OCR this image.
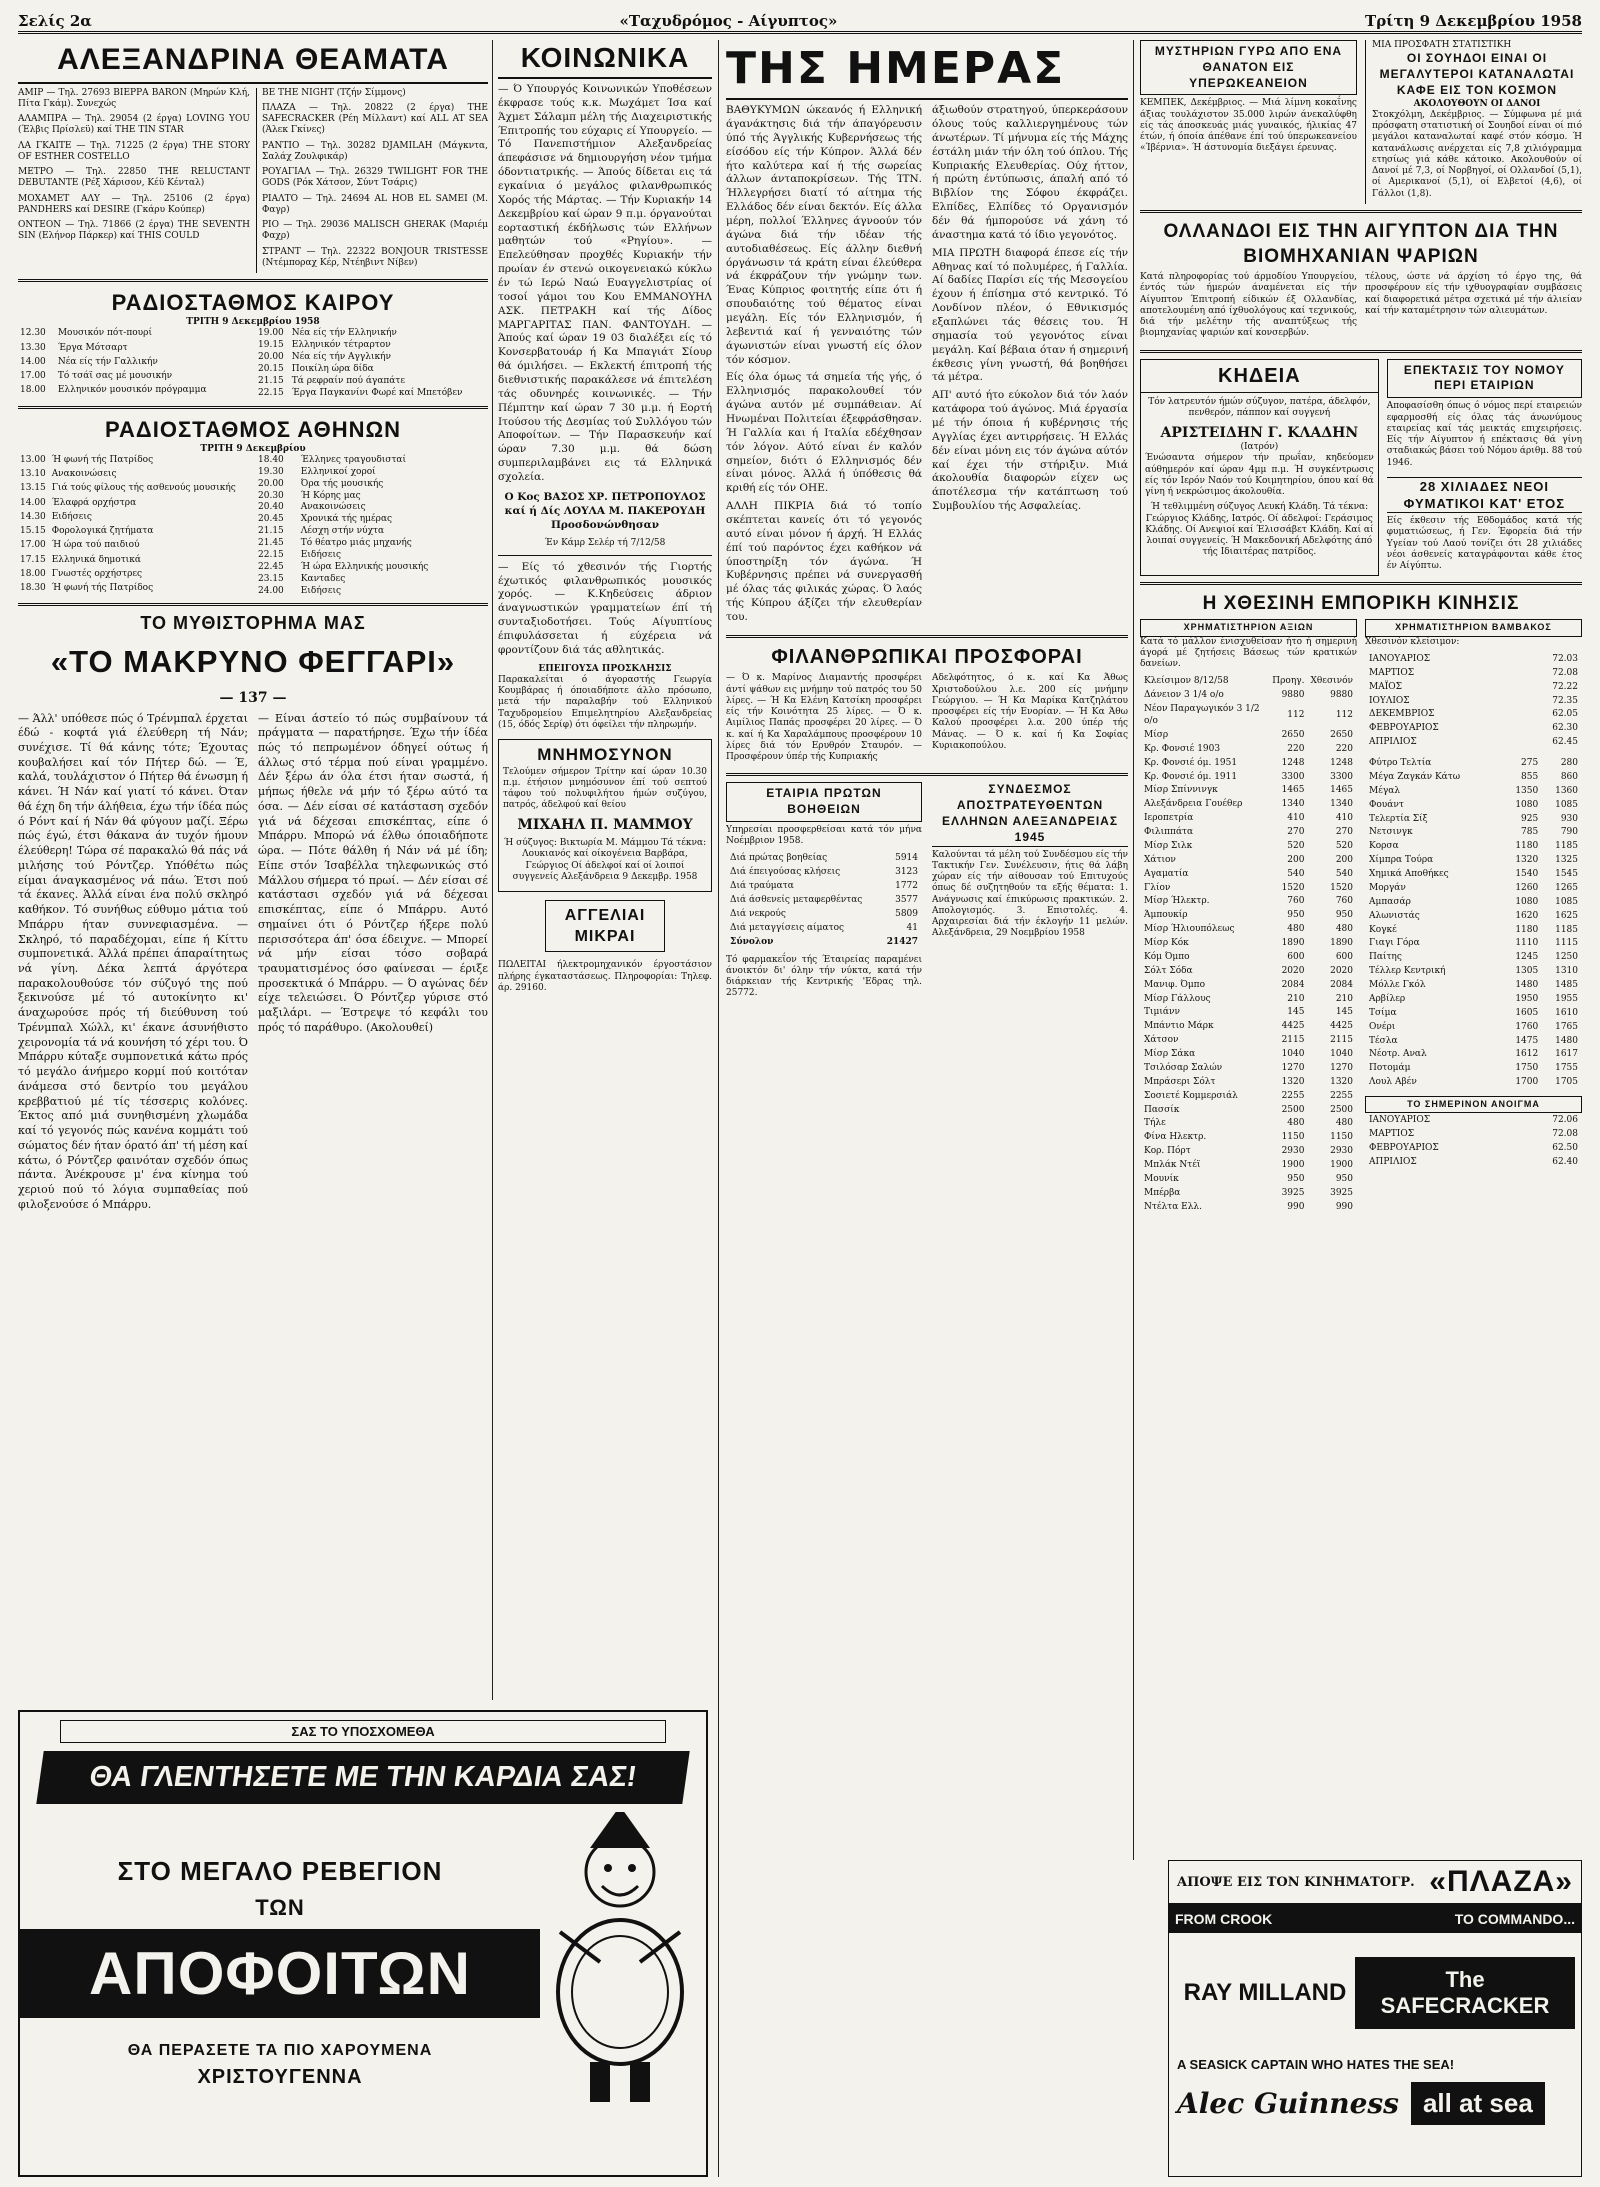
Σελίς 2α	«Ταχυδρόμος - Αίγυπτος»	Τρίτη 9 Δεκεμβρίου 1958
ΑΛΕΞΑΝΔΡΙΝΑ ΘΕΑΜΑΤΑ

ΑΜΙΡ — Τηλ. 27693 ΒΙΕΡΡΑ BARON (Μηρών Κλή, Πίτα Γκάμ). Συνεχώς

ΑΛΑΜΠΡΑ — Τηλ. 29054 (2 έργα) LOVING YOU (Έλβις Πρίσλεϋ) καί THE TIN STAR

ΛΑ ΓΚΑΙΤΕ — Τηλ. 71225 (2 έργα) THE STORY OF ESTHER COSTELLO

ΜΕΤΡΟ — Τηλ. 22850 THE RELUCTANT DEBUTANTE (Ρέξ Χάρισον, Κέϋ Κένταλ)

ΜΟΧΑΜΕΤ ΑΛΥ — Τηλ. 25106 (2 έργα) PANDHERS καί DESIRE (Γκάρυ Κούπερ)

ΟΝΤΕΟΝ — Τηλ. 71866 (2 έργα) THE SEVENTH SIN (Ελήνορ Πάρκερ) καί THIS COULD

BE THE NIGHT (Τζήν Σίμμονς)

ΠΛΑΖΑ — Τηλ. 20822 (2 έργα) THE SAFECRACKER (Ρέη Μίλλαντ) καί ALL AT SEA (Άλεκ Γκίνες)

ΡΑΝΤΙΟ — Τηλ. 30282 DJAMILAH (Μάγκντα, Σαλάχ Ζουλφικάρ)

ΡΟΥΑΓΙΑΛ — Τηλ. 26329 TWILIGHT FOR THE GODS (Ρόκ Χάτσον, Σύντ Τσάρις)

ΡΙΑΛΤΟ — Τηλ. 24694 AL HOB EL SAMEI (Μ. Φαγρ)

ΡΙΟ — Τηλ. 29036 MALISCH GHERAK (Μαριέμ Φαχρ)

ΣΤΡΑΝΤ — Τηλ. 22322 BONJOUR TRISTESSE (Ντέμποραχ Κέρ, Ντέηβιντ Νίβεν)

ΡΑΔΙΟΣΤΑΘΜΟΣ ΚΑΙΡΟΥ
ΤΡΙΤΗ 9 Δεκεμβρίου 1958
12.30	Μουσικόν πότ-πουρί
13.30	Έργα Μότσαρτ
14.00	Νέα είς τήν Γαλλικήν
17.00	Τό τσάϊ σας μέ μουσικήν
18.00	Ελληνικόν μουσικόν πρόγραμμα
19.00	Νέα είς τήν Ελληνικήν
19.15	Ελληνικόν τέτραρτον
20.00	Νέα είς τήν Αγγλικήν
20.15	Ποικίλη ώρα δίδα
21.15	Τά ρεφραίν πού άγαπάτε
22.15	Έργα Παγκανίνι Φωρέ καί Μπετόβεν
ΡΑΔΙΟΣΤΑΘΜΟΣ ΑΘΗΝΩΝ
ΤΡΙΤΗ 9 Δεκεμβρίου
13.00	Ή φωνή τής Πατρίδος
13.10	Ανακοινώσεις
13.15	Γιά τούς φίλους τής ασθενούς μουσικής
14.00	Έλαφρά ορχήστρα
14.30	Ειδήσεις
15.15	Φορολογικά ζητήματα
17.00	Ή ώρα τού παιδιού
17.15	Ελληνικά δημοτικά
18.00	Γνωστές ορχήστρες
18.30	Ή φωνή τής Πατρίδος
18.40	Έλληνες τραγουδισταί
19.30	Ελληνικοί χοροί
20.00	Όρα τής μουσικής
20.30	Ή Κόρης μας
20.40	Ανακοινώσεις
20.45	Χρονικά τής ημέρας
21.15	Λέσχη στήν νύχτα
21.45	Τό θέατρο μιάς μηχανής
22.15	Ειδήσεις
22.45	Ή ώρα Ελληνικής μουσικής
23.15	Κανταδες
24.00	Ειδήσεις
ΤΟ ΜΥΘΙΣΤΟΡΗΜΑ ΜΑΣ
«ΤΟ ΜΑΚΡΥΝΟ ΦΕΓΓΑΡΙ»
— 137 —

— Άλλ' υπόθεσε πώς ό Τρένμπαλ έρχεται έδώ - κοφτά γιά έλεύθερη τή Νάν; συνέχισε. Τί θά κάνης τότε; Έχουτας κουβαλήσει καί τόν Πήτερ δώ. — Έ, καλά, τουλάχιστον ό Πήτερ θά ένωσμη ή κάνει. Ή Νάν καί γιατί τό κάνει. Όταν θά έχη δη τήν άλήθεια, έχω τήν ίδέα πώς ό Ρόντ καί ή Νάν θά φύγουν μαζί. Ξέρω πώς έγώ, έτσι θάκανα άν τυχόν ήμουν έλεύθερη! Τώρα σέ παρακαλώ θά πάς νά μιλήσης τού Ρόντζερ. Υπόθέτω πώς είμαι άναγκασμένος νά πάω. Έτσι πού τά έκανες. Άλλά είναι ένα πολύ σκληρό καθήκον. Τό συνήθως εύθυμο μάτια τού Μπάρρυ ήταν συννεφιασμένα. — Σκληρό, τό παραδέχομαι, είπε ή Κίττυ συμπονετικά. Άλλά πρέπει άπαραίτητως νά γίνη. Δέκα λεπτά άργότερα παρακολουθούσε τόν σύζυγό της πού ξεκινούσε μέ τό αυτοκίνητο κι' άναχωρούσε πρός τή διεύθυνση τού Τρένμπαλ Χώλλ, κι' έκανε άσυνήθιστο χειρονομία τά νά κουνήση τό χέρι του. Ό Μπάρρυ κύταξε συμπονετικά κάτω πρός τό μεγάλο άνήμερο κορμί πού κοιτόταν άνάμεσα στό δεντρίο του μεγάλου κρεββατιού μέ τίς τέσσερις κολόνες. Έκτος από μιά συνηθισμένη χλωμάδα καί τό γεγονός πώς κανένα κομμάτι τού σώματος δέν ήταν όρατό άπ' τή μέση καί κάτω, ό Ρόντζερ φαινόταν σχεδόν όπως πάντα. Άνέκρουσε μ' ένα κίνημα τού χεριού πού τό λόγια συμπαθείας πού φιλοξενούσε ό Μπάρρυ.

— Είναι άστείο τό πώς συμβαίνουν τά πράγματα — παρατήρησε. Έχω τήν ίδέα πώς τό πεπρωμένον όδηγεί ούτως ή άλλως στό τέρμα πού είναι γραμμένο. Δέν ξέρω άν όλα έτσι ήταν σωστά, ή μήπως ήθελε νά μήν τό ξέρω αύτό τα όσα. — Δέν είσαι σέ κατάσταση σχεδόν γιά νά δέχεσαι επισκέπτας, είπε ό Μπάρρυ. Μπορώ νά έλθω όποιαδήποτε ώρα. — Πότε θάλθη ή Νάν νά μέ ίδη; Είπε στόν Ίσαβέλλα τηλεφωνικώς στό Μάλλου σήμερα τό πρωί. — Δέν είσαι σέ κατάστασι σχεδόν γιά νά δέχεσαι επισκέπτας, είπε ό Μπάρρυ. Αυτό σημαίνει ότι ό Ρόντζερ ήξερε πολύ περισσότερα άπ' όσα έδειχνε. — Μπορεί νά μήν είσαι τόσο σοβαρά τραυματισμένος όσο φαίνεσαι — έριξε προσεκτικά ό Μπάρρυ. — Ό αγώνας δέν είχε τελειώσει. Ό Ρόντζερ γύρισε στό μαξιλάρι. — Έστρεψε τό κεφάλι του πρός τό παράθυρο. (Ακολουθεί)

ΚΟΙΝΩΝΙΚΑ

— Ό Υπουργός Κοινωνικών Υποθέσεων έκφρασε τούς κ.κ. Μωχάμετ Ίσα καί Άχμετ Σάλαμπ μέλη τής Διαχειριστικής Έπιτροπής του εύχαρις εί Υπουργείο. — Τό Πανεπιστήμιον Αλεξανδρείας άπεφάσισε νά δημιουργήση νέον τμήμα όδοντιατρικής. — Άπούς δίδεται εις τά εγκαίνια ό μεγάλος φιλανθρωπικός Χορός τής Μάρτας. — Τήν Κυριακήν 14 Δεκεμβρίου καί ώραν 9 π.μ. όργανούται εορταστική έκδήλωσις τών Ελλήνων μαθητών τού «Ρηγίου». — Επελεύθησαν προχθές Κυριακήν τήν πρωίαν έν στενώ οικογενειακώ κύκλω έν τώ Ιερώ Ναώ Ευαγγελιστρίας οί τοσοί γάμοι του Κου ΕΜΜΑΝΟΥΗΛ ΑΣΚ. ΠΕΤΡΑΚΗ καί τής Δίδος ΜΑΡΓΑΡΙΤΑΣ ΠΑΝ. ΦΑΝΤΟΥΔΗ. — Άπούς καί ώραν 19 03 διαλέξει είς τό Κονσερβατουάρ ή Κα Μπαγιάτ Σίουρ θά όμιλήσει. — Εκλεκτή έπιτροπή τής διεθνιστικής παρακάλεσε νά έπιτελέση τάς οδυνηρές κοινωνικές. — Τήν Πέμπτην καί ώραν 7 30 μ.μ. ή Εορτή Ιτούσου τής Δεσμίας τού Συλλόγου τών Αποφοίτων. — Τήν Παρασκευήν καί ώραν 7.30 μ.μ. θά δώση συμπεριλαμβάνει εις τά Ελληνικά σχολεία.

Ο Κος ΒΑΣΟΣ ΧΡ. ΠΕΤΡΟΠΟΥΛΟΣ καί ή Δίς ΛΟΥΛΑ Μ. ΠΑΚΕΡΟΥΔΗ Προσδονώνθησαν
Έν Κάμρ Σελέρ τή 7/12/58

— Είς τό χθεσινόν τής Γιορτής έχωτικός φιλανθρωπικός μουσικός χορός. — Κ.Κηδεύσεις άδριον άναγνωστικών γραμματείων έπί τή συνταξιοδοτήσει. Τούς Αίγυπτίους έπιφυλάσσεται ή εύχέρεια νά φροντίζουν διά τάς αθλητικάς.

ΕΠΕΙΓΟΥΣΑ ΠΡΟΣΚΛΗΣΙΣ

Παρακαλείται ό άγοραστής Γεωργία Κουμβάρας ή όποιαδήποτε άλλο πρόσωπο, μετά τήν παραλαβήν τού Ελληνικού Ταχυδρομείου Επιμελητηρίου Αλεξανδρείας (15, όδός Σερίφ) ότι όφείλει τήν πληρωμήν.

ΜΝΗΜΟΣΥΝΟΝ

Τελούμεν σήμερον Τρίτην καί ώραν 10.30 π.μ. έτήσιον μνημόσυνον έπί τού σεπτού τάφου τού πολυφιλήτου ήμών συζύγου, πατρός, άδελφού καί θείου

ΜΙΧΑΗΛ Π. ΜΑΜΜΟΥ

Ή σύζυγος: Βικτωρία Μ. Μάμμου Τά τέκνα: Λουκιανός καί οίκογένεια Βαρβάρα, Γεώργιος Οί άδελφοί καί οί λοιποί συγγενείς Αλεξάνδρεια 9 Δεκεμβρ. 1958

ΑΓΓΕΛΙΑΙ
ΜΙΚΡΑΙ

ΠΩΛΕΙΤΑΙ ήλεκτρομηχανικόν έργοστάσιον πλήρης έγκαταστάσεως. Πληροφορίαι: Τηλεφ. άρ. 29160.

ΤΗΣ ΗΜΕΡΑΣ

ΒΑΘΥΚΥΜΩΝ ώκεανός ή Ελληνική άγανάκτησις διά τήν άπαγόρευσιν ύπό τής Άγγλικής Κυβερνήσεως τής είσόδου είς τήν Κύπρον. Άλλά δέν ήτο καλύτερα καί ή τής σωρείας άλλων άνταποκρίσεων. Τής ΊΤΝ. Ήλλεγρήσει διατί τό αίτημα τής Ελλάδος δέν είναι δεκτόν. Είς άλλα μέρη, πολλοί Έλληνες άγνοούν τόν άγώνα διά τήν ιδέαν τής αυτοδιαθέσεως. Είς άλλην διεθνή όργάνωσιν τά κράτη είναι έλεύθερα νά έκφράζουν τήν γνώμην των. Ένας Κύπριος φοιτητής είπε ότι ή σπουδαιότης τού θέματος είναι μεγάλη. Είς τόν Ελληνισμόν, ή λεβεντιά καί ή γενναιότης τών άγωνιστών είναι γνωστή είς όλον τόν κόσμον.

Είς όλα όμως τά σημεία τής γής, ό Ελληνισμός παρακολουθεί τόν άγώνα αυτόν μέ συμπάθειαν. Αί Ηνωμέναι Πολιτείαι έξεφράσθησαν. Ή Γαλλία και ή Ιταλία εδέχθησαν τόν λόγον. Αύτό είναι έν καλόν σημείον, διότι ό Ελληνισμός δέν είναι μόνος. Άλλά ή ύπόθεσις θά κριθή είς τόν ΟΗΕ.

ΑΛΛΗ ΠΙΚΡΙΑ διά τό τοπίο σκέπτεται κανείς ότι τό γεγονός αυτό είναι μόνον ή άρχή. Ή Ελλάς έπί τού παρόντος έχει καθήκον νά ύποστηρίξη τόν άγώνα. Ή Κυβέρνησις πρέπει νά συνεργασθή μέ όλας τάς φιλικάς χώρας. Ό λαός τής Κύπρου άξίζει τήν ελευθερίαν του.

άξιωθούν στρατηγού, ύπερκεράσουν όλους τούς καλλιεργημένους τών άνωτέρων. Τί μήνυμα είς τής Μάχης έστάλη μιάν τήν όλη τού όπλου. Τής Κυπριακής Ελευθερίας. Ούχ ήττον, ή πρώτη έντύπωσις, άπαλή από τό Βιβλίον της Σόφου έκφράζει. Ελπίδες, Ελπίδες τό Οργανισμόν δέν θά ήμπορούσε νά χάνη τό άναστημα κατά τό ίδιο γεγονότος.

ΜΙΑ ΠΡΩΤΗ διαφορά έπεσε είς τήν Αθηνας καί τό πολυμέρες, ή Γαλλία. Αί δαδίες Παρίσι είς τής Μεσογείου έχουν ή έπίσημα στό κεντρικό. Τό Λονδίνον πλέον, ό Εθνικισμός εξαπλώνει τάς θέσεις του. Ή σημασία τού γεγονότος είναι μεγάλη. Καί βέβαια όταν ή σημερινή έκθεσις γίνη γνωστή, θά βοηθήσει τά μέτρα.

ΑΠ' αυτό ήτο εύκολον διά τόν λαόν κατάφορα τού άγώνος. Μιά έργασία μέ τήν όποια ή κυβέρνησις τής Αγγλίας έχει αντιρρήσεις. Ή Ελλάς δέν είναι μόνη εις τόν άγώνα αύτόν καί έχει τήν στήριξιν. Μιά άκολουθία διαφορών είχεν ως άποτέλεσμα τήν κατάπτωση τού Συμβουλίου τής Ασφαλείας.

ΦΙΛΑΝΘΡΩΠΙΚΑΙ ΠΡΟΣΦΟΡΑΙ

— Ό κ. Μαρίνος Διαμαντής προσφέρει άντί ψάθων εις μνήμην τού πατρός του 50 λίρες. — Ή Κα Ελένη Κατσίκη προσφέρει είς τήν Κοινότητα 25 λίρες. — Ό κ. Αιμίλιος Παπάς προσφέρει 20 λίρες. — Ό κ. καί ή Κα Χαραλάμπους προσφέρουν 10 λίρες διά τόν Ερυθρόν Σταυρόν. — Προσφέρουν ύπέρ τής Κυπριακής

Αδελφότητος, ό κ. καί Κα Άθως Χριστοδούλου λ.ε. 200 είς μνήμην Γεώργιου. — Ή Κα Μαρίκα Κατζηλάτου προσφέρει είς τήν Ενορίαν. — Ή Κα Άθω Καλού προσφέρει λ.α. 200 ύπέρ τής Μάνας. — Ό κ. καί ή Κα Σοφίας Κυριακοπούλου.

ΕΤΑΙΡΙΑ ΠΡΩΤΩΝ ΒΟΗΘΕΙΩΝ

Υπηρεσίαι προσφερθείσαι κατά τόν μήνα Νοέμβριον 1958.

Διά πρώτας βοηθείας	5914
Διά έπειγούσας κλήσεις	3123
Διά τραύματα	1772
Διά άσθενείς μεταφερθέντας	3577
Διά νεκρούς	5809
Διά μεταγγίσεις αίματος	41
Σύνολον	21427

Τό φαρμακεΐον τής Έταιρείας παραμένει άνοικτόν δι' όλην τήν νύκτα, κατά τήν διάρκειαν τής Κεντρικής 'Εδρας τηλ. 25772.

ΣΥΝΔΕΣΜΟΣ ΑΠΟΣΤΡΑΤΕΥΘΕΝΤΩΝ ΕΛΛΗΝΩΝ ΑΛΕΞΑΝΔΡΕΙΑΣ 1945

Καλούνται τά μέλη τού Συνδέσμου είς τήν Τακτικήν Γεν. Συνέλευσιν, ήτις θά λάβη χώραν είς τήν αίθουσαν τού Επιτυχούς όπως δέ συζητηθούν τα εξής θέματα: 1. Ανάγνωσις καί έπικύρωσις πρακτικών. 2. Απολογισμός. 3. Επιστολές. 4. Αρχαιρεσίαι διά τήν έκλογήν 11 μελών. Αλεξάνδρεια, 29 Νοεμβρίου 1958

ΜΥΣΤΗΡΙΩΝ ΓΥΡΩ ΑΠΟ ΕΝΑ ΘΑΝΑΤΟΝ ΕΙΣ ΥΠΕΡΩΚΕΑΝΕΙΟΝ

ΚΕΜΠΕΚ, Δεκέμβριος. — Μιά λίμνη κοκαΐνης άξιας τουλάχιστον 35.000 λιρών άνεκαλύφθη είς τάς άποσκευάς μιάς γυναικός, ήλικίας 47 έτών, ή όποία άπέθανε έπί τού ύπερωκεανείου «Ίβέρνια». Ή άστυνομία διεξάγει έρευνας.

ΜΙΑ ΠΡΟΣΦΑΤΗ ΣΤΑΤΙΣΤΙΚΗ
ΟΙ ΣΟΥΗΔΟΙ ΕΙΝΑΙ ΟΙ ΜΕΓΑΛΥΤΕΡΟΙ ΚΑΤΑΝΑΛΩΤΑΙ ΚΑΦΕ ΕΙΣ ΤΟΝ ΚΟΣΜΟΝ
ΑΚΟΛΟΥΘΟΥΝ ΟΙ ΔΑΝΟΙ

Στοκχόλμη, Δεκέμβριος. — Σύμφωνα μέ μιά πρόσφατη στατιστική οί Σουηδοί είναι οί πιό μεγάλοι καταναλωταί καφέ στόν κόσμο. Ή κατανάλωσις ανέρχεται είς 7,8 χιλιόγραμμα ετησίως γιά κάθε κάτοικο. Ακολουθούν οί Δανοί μέ 7,3, οί Νορβηγοί, οί Ολλανδοί (5,1), οί Αμερικανοί (5,1), οί Ελβετοί (4,6), οί Γάλλοι (1,8).

ΟΛΛΑΝΔΟΙ ΕΙΣ ΤΗΝ ΑΙΓΥΠΤΟΝ ΔΙΑ ΤΗΝ ΒΙΟΜΗΧΑΝΙΑΝ ΨΑΡΙΩΝ

Κατά πληροφορίας τού άρμοδίου Υπουργείου, έντός τών ήμερών άναμένεται είς τήν Αίγυπτον Έπιτροπή είδικών έξ Ολλανδίας, αποτελουμένη από ίχθυολόγους καί τεχνικούς, διά τήν μελέτην τής αναπτύξεως τής βιομηχανίας ψαριών καί κονσερβών.

τέλους, ώστε νά άρχίση τό έργο της, θά προσφέρουν είς τήν ιχθυογραφίαν συμβάσεις καί διαφορετικά μέτρα σχετικά μέ τήν άλιείαν καί τήν καταμέτρησιν τών αλιευμάτων.

ΚΗΔΕΙΑ

Τόν λατρευτόν ήμών σύζυγον, πατέρα, άδελφόν, πενθερόν, πάππον καί συγγενή

ΑΡΙΣΤΕΙΔΗΝ Γ. ΚΛΑΔΗΝ
(Ιατρόν)

Ένώσαντα σήμερον τήν πρωΐαν, κηδεύομεν αύθημερόν καί ώραν 4μμ π.μ. Ή συγκέντρωσις είς τόν Ιερόν Ναόν τού Κοιμητηρίου, όπου καί θά γίνη ή νεκρώσιμος άκολουθία.

Ή τεθλιμμένη σύζυγος Λευκή Κλάδη. Τά τέκνα: Γεώργιος Κλάδης, Ιατρός. Οί άδελφοί: Γεράσιμος Κλάδης. Οί Ανεψιοί καί Έλισσάβετ Κλάδη. Καί αί λοιπαί συγγενείς. Ή Μακεδονική Αδελφότης άπό τής Ιδιαιτέρας πατρίδος.

ΕΠΕΚΤΑΣΙΣ ΤΟΥ ΝΟΜΟΥ ΠΕΡΙ ΕΤΑΙΡΙΩΝ

Αποφασίσθη όπως ό νόμος περί εταιρειών εφαρμοσθή είς όλας τάς άνωνύμους εταιρείας καί τάς μεικτάς επιχειρήσεις. Είς τήν Αίγυπτον ή επέκτασις θά γίνη σταδιακώς βάσει τού Νόμου άριθμ. 88 τού 1946.

28 ΧΙΛΙΑΔΕΣ ΝΕΟΙ ΦΥΜΑΤΙΚΟΙ ΚΑΤ' ΕΤΟΣ

Είς έκθεσιν τής Εθδομάδος κατά τής φυματιώσεως, ή Γεν. Έφορεία διά τήν Υγείαν τού Λαού τονίζει ότι 28 χιλιάδες νέοι άσθενείς καταγράφονται κάθε έτος έν Αίγύπτω.

Η ΧΘΕΣΙΝΗ ΕΜΠΟΡΙΚΗ ΚΙΝΗΣΙΣ
ΧΡΗΜΑΤΙΣΤΗΡΙΟΝ ΑΞΙΩΝ

Κατά τό μάλλον ένισχυθείσαν ήτο ή σημερινή άγορά μέ ζητήσεις Βάσεως τών κρατικών δανείων.

Κλείσιμον 8/12/58	Προηγ.	Χθεσινόν
Δάνειον 3 1/4 ο/ο	9880	9880
Νέον Παραγωγικόν 3 1/2 ο/ο	112	112
Μίσρ	2650	2650
Κρ. Φονσιέ 1903	220	220
Κρ. Φονσιέ όμ. 1951	1248	1248
Κρ. Φονσιέ όμ. 1911	3300	3300
Μίσρ Σπίννινγκ	1465	1465
Αλεξάνδρεια Γουέθερ	1340	1340
Ιεροπετρία	410	410
Φιλιππάτα	270	270
Μίσρ Σιλκ	520	520
Χάτιον	200	200
Αγαματία	540	540
Γλίον	1520	1520
Μίσρ Ήλεκτρ.	760	760
Άμπουκίρ	950	950
Μίσρ Ήλιουπόλεως	480	480
Μίσρ Κόκ	1890	1890
Κόμ Όμπο	600	600
Σόλτ Σόδα	2020	2020
Μανιφ. Όμπο	2084	2084
Μίσρ Γάλλους	210	210
Τιμιάνν	145	145
Μπάντιο Μάρκ	4425	4425
Χάτσον	2115	2115
Μίσρ Σάκα	1040	1040
Τσιλόσαρ Σαλών	1270	1270
Μπράσερι Σόλτ	1320	1320
Σοσιετέ Κομμερσιάλ	2255	2255
Πασσίκ	2500	2500
Τήλε	480	480
Φίνα Ηλεκτρ.	1150	1150
Κορ. Πόρτ	2930	2930
Μπλάκ Ντέϊ	1900	1900
Μουνίκ	950	950
Μπέρβα	3925	3925
Ντέλτα Ελλ.	990	990
ΧΡΗΜΑΤΙΣΤΗΡΙΟΝ ΒΑΜΒΑΚΟΣ

Χθεσινόν κλείσιμον:

ΙΑΝΟΥΑΡΙΟΣ	72.03
ΜΑΡΤΙΟΣ	72.08
ΜΑΪΟΣ	72.22
ΙΟΥΛΙΟΣ	72.35
ΔΕΚΕΜΒΡΙΟΣ	62.05
ΦΕΒΡΟΥΑΡΙΟΣ	62.30
ΑΠΡΙΛΙΟΣ	62.45
Φύτρο Τελτία	275	280
Μέγα Ζαγκάν Κάτω	855	860
Μέγαλ	1350	1360
Φουάντ	1080	1085
Τελερτία Σίξ	925	930
Νετσινγκ	785	790
Κορσα	1180	1185
Χίμπρα Τούρα	1320	1325
Χημικά Αποθήκες	1540	1545
Μοργάν	1260	1265
Αμπασάρ	1080	1085
Αλωνιστάς	1620	1625
Κογκέ	1180	1185
Γιαγι Γόρα	1110	1115
Παίτης	1245	1250
Τέλλερ Κεντρική	1305	1310
Μόλλε Γκόλ	1480	1485
Αρβίλερ	1950	1955
Τσίμα	1605	1610
Ονέρι	1760	1765
Τέσλα	1475	1480
Νέοτρ. Αναλ	1612	1617
Ποτομάμ	1750	1755
Λουλ Αβέν	1700	1705
ΤΟ ΣΗΜΕΡΙΝΟΝ ΑΝΟΙΓΜΑ
ΙΑΝΟΥΑΡΙΟΣ	72.06
ΜΑΡΤΙΟΣ	72.08
ΦΕΒΡΟΥΑΡΙΟΣ	62.50
ΑΠΡΙΛΙΟΣ	62.40
ΣΑΣ ΤΟ ΥΠΟΣΧΟΜΕΘΑ
ΘΑ ΓΛΕΝΤΗΣΕΤΕ ΜΕ ΤΗΝ ΚΑΡΔΙΑ ΣΑΣ!
ΣΤΟ ΜΕΓΑΛΟ ΡΕΒΕΓΙΟΝ
ΤΩΝ
ΑΠΟΦΟΙΤΩΝ
ΘΑ ΠΕΡΑΣΕΤΕ ΤΑ ΠΙΟ ΧΑΡΟΥΜΕΝΑ
ΧΡΙΣΤΟΥΓΕΝΝΑ
ΑΠΟΨΕ ΕΙΣ ΤΟΝ ΚΙΝΗΜΑΤΟΓΡ. «ΠΛΑΖΑ»
FROM CROOK	TO COMMANDO...
RAY MILLAND	The SAFECRACKER
A SEASICK CAPTAIN WHO HATES THE SEA!
Alec Guinness all at sea
